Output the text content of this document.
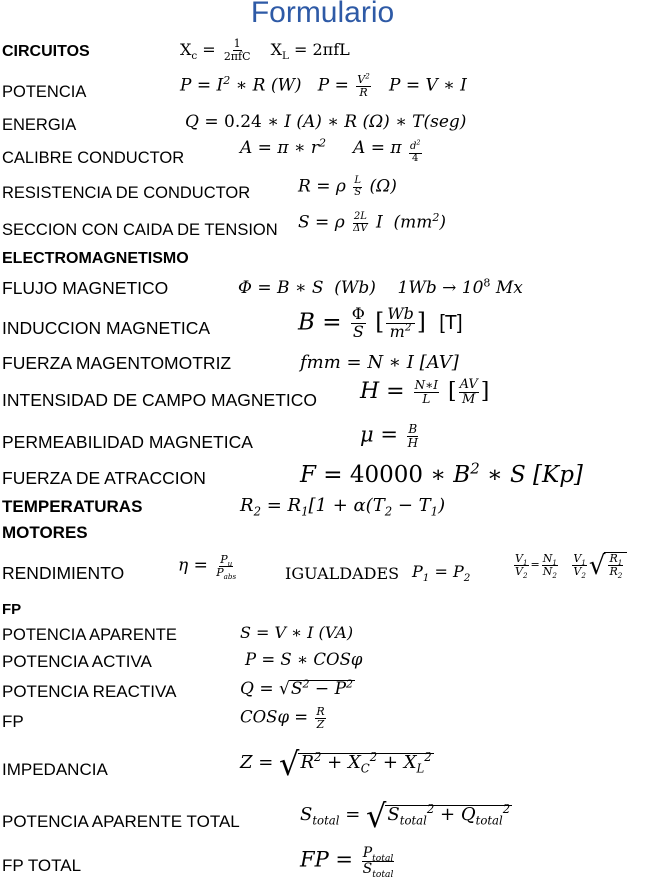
Formulario
CIRCUITOS
POTENCIA
ENERGIA
CALIBRE CONDUCTOR
RESISTENCIA DE CONDUCTOR
SECCION CON CAIDA DE TENSION
ELECTROMAGNETISMO
FLUJO MAGNETICO
INDUCCION MAGNETICA
FUERZA MAGENTOMOTRIZ
INTENSIDAD DE CAMPO MAGNETICO
PERMEABILIDAD MAGNETICA
FUERZA DE ATRACCION
TEMPERATURAS
MOTORES
RENDIMIENTO
FP
POTENCIA APARENTE
POTENCIA ACTIVA
POTENCIA REACTIVA
FP
IMPEDANCIA
POTENCIA APARENTE TOTAL
FP TOTAL
$X_c = \frac{1}{\text{2πfC}} X_L = 2\pi fL$
$P = I^2$ ∗ R (W)   $P = \frac{V^2}{R}$ P = V ∗ I
Q = 0.24 ∗ I (A) ∗ R (Ω) ∗ T(seg)
A = π ∗ $r^2$     A = π $\frac{d^2}{4}$
R = ρ $\frac{L}{S} (\Omega)$
S = ρ $\frac{2L}{\Delta V}$ I  $(mm^2)$
Φ = B ∗ S  (Wb)    $1Wb \to 10^8$ Mx
$B = \frac{\Phi}{S}$ [ $\frac{Wb}{m^2}$ ] [T]
fmm = N ∗ I [AV]
$H = \frac{N∗I}{L}$ [ $\frac{AV}{M}$ ]
$\mu = \frac{B}{H}$
F = 40000 ∗ $B^2$ ∗ S [Kp]
$R_2 = R_1[1 + \alpha(T_2 - T_1)$
$\eta = \frac{P_u}{P_{abs}}$	IGUALDADES $P_1 = P_2$
$\frac{V_1}{V_2} = \frac{N_1}{N_2}$
$\frac{V_1}{V_2}$ √ $\frac{R_1}{R_2}$
S = V ∗ I (VA)
P = S ∗ COSφ
$Q = √S^2 - P^2$
$COS\varphi = \frac{R}{Z}$
$Z = √R^2 + X_C^2 + X_L^2$
$S_{total} = √S_{total}^2 + Q_{total}^2$
FP = $\frac{P_{total}}{S_{total}}$
